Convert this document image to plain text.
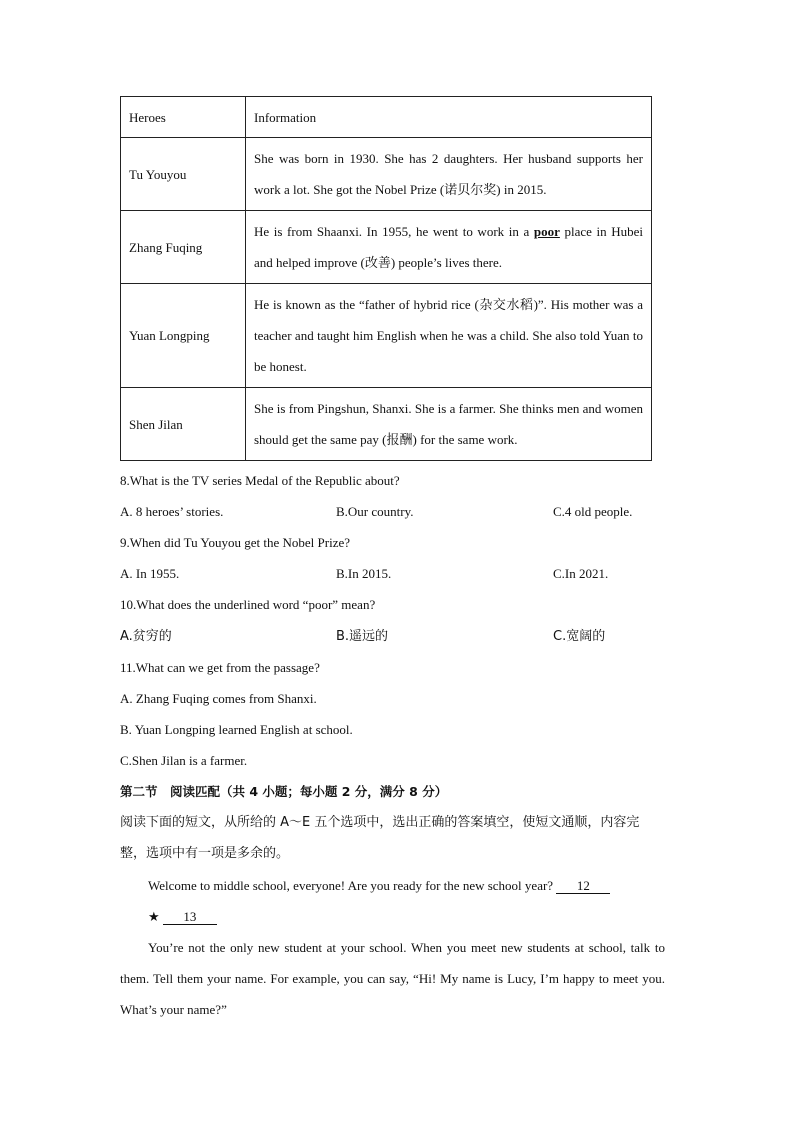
Heroes	Information
Tu Youyou	She was born in 1930. She has 2 daughters. Her husband supports her work a lot. She got the Nobel Prize (诺贝尔奖) in 2015.
Zhang Fuqing	He is from Shaanxi. In 1955, he went to work in a poor place in Hubei and helped improve (改善) people’s lives there.
Yuan Longping	He is known as the “father of hybrid rice (杂交水稻)”. His mother was a teacher and taught him English when he was a child. She also told Yuan to be honest.
Shen Jilan	She is from Pingshun, Shanxi. She is a farmer. She thinks men and women should get the same pay (报酬) for the same work.
8.What is the TV series Medal of the Republic about?
A. 8 heroes’ stories.	B.Our country.	C.4 old people.
9.When did Tu Youyou get the Nobel Prize?
A. In 1955.	B.In 2015.	C.In 2021.
10.What does the underlined word “poor” mean?
A.贫穷的	B.遥远的	C.宽阔的
11.What can we get from the passage?
A. Zhang Fuqing comes from Shanxi.
B. Yuan Longping learned English at school.
C.Shen Jilan is a farmer.
第二节　阅读匹配（共 4 小题；每小题 2 分，满分 8 分）
阅读下面的短文，从所给的 A～E 五个选项中，选出正确的答案填空，使短文通顺，内容完整，选项中有一项是多余的。
Welcome to middle school, everyone! Are you ready for the new school year? 12
★ 13
You’re not the only new student at your school. When you meet new students at school, talk to them. Tell them your name. For example, you can say, “Hi! My name is Lucy, I’m happy to meet you. What’s your name?”
